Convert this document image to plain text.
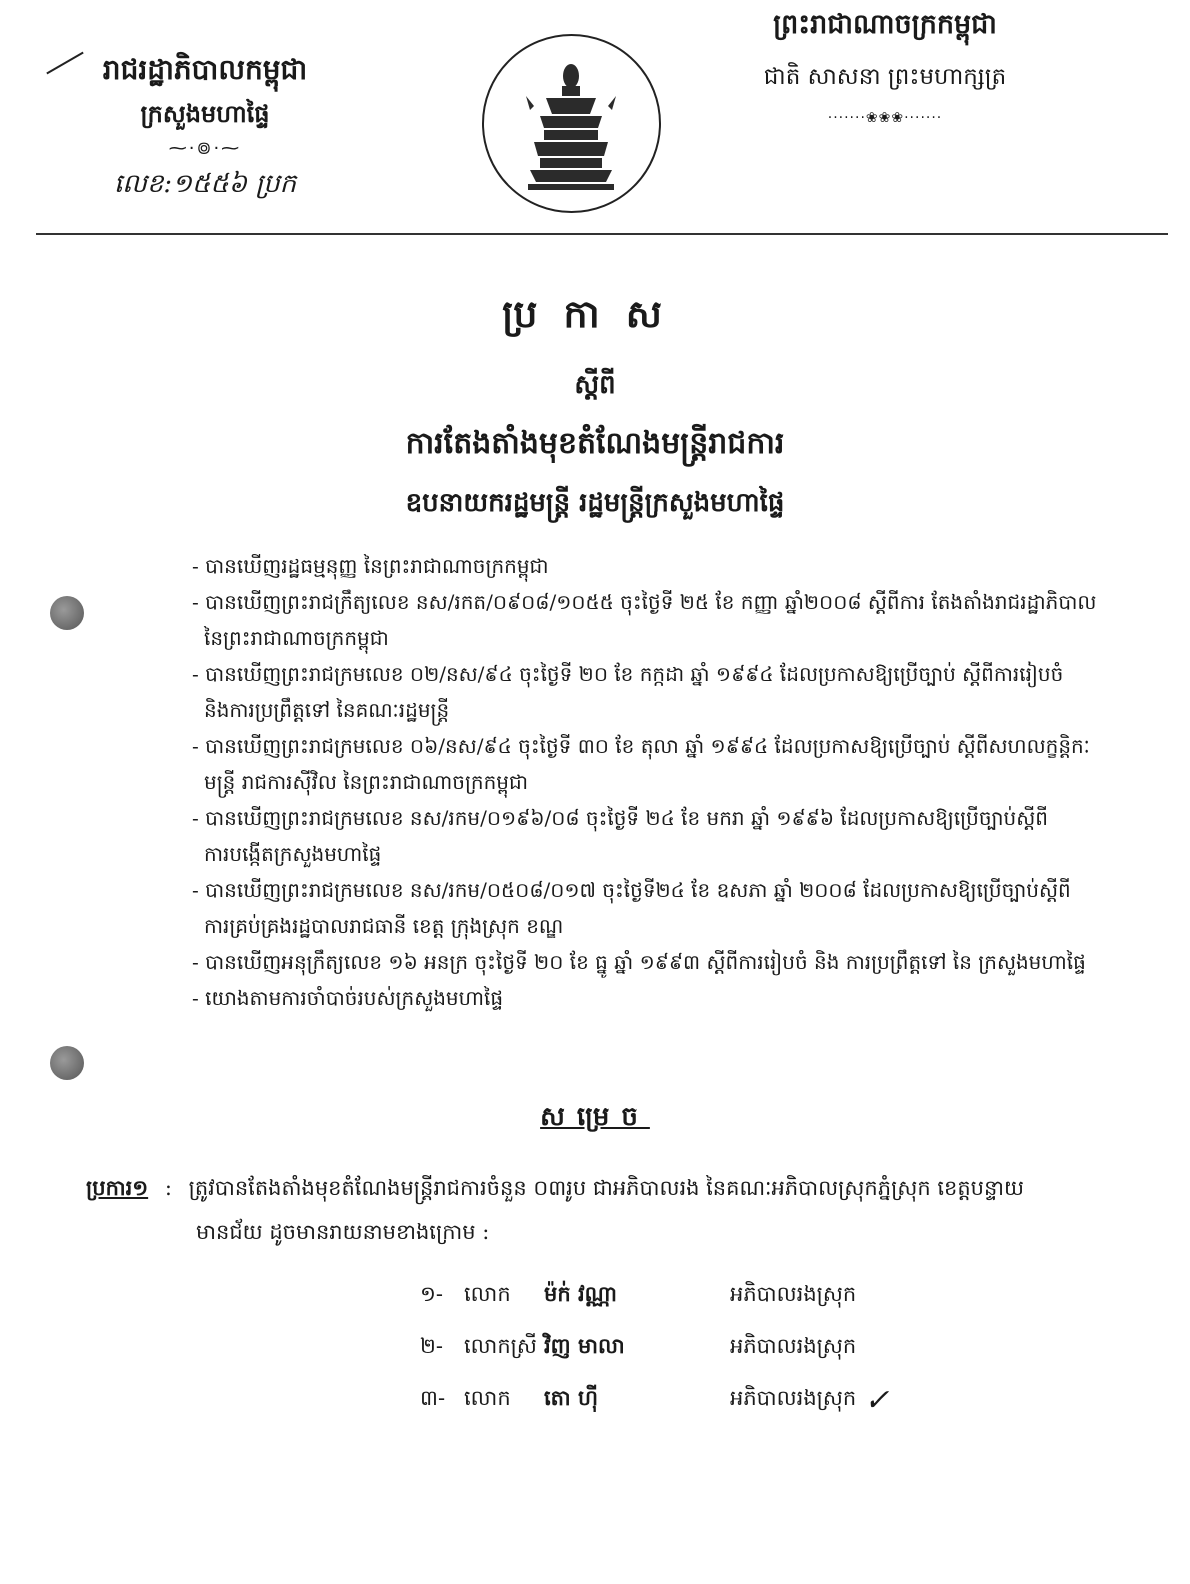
រាជរដ្ឋាភិបាលកម្ពុជា
ក្រសួងមហាផ្ទៃ
⁓·៙·⁓
លេខ:១៥៥៦ ប្រក
ព្រះរាជាណាចក្រកម្ពុជា
ជាតិ សាសនា ព្រះមហាក្សត្រ
·······❀❀❀·······
ប្រកាស
ស្តីពី
ការតែងតាំងមុខតំណែងមន្ត្រីរាជការ
ឧបនាយករដ្ឋមន្ត្រី រដ្ឋមន្ត្រីក្រសួងមហាផ្ទៃ
- បានឃើញរដ្ឋធម្មនុញ្ញ នៃព្រះរាជាណាចក្រកម្ពុជា
- បានឃើញព្រះរាជក្រឹត្យលេខ នស/រកត/០៩០៨/១០៥៥ ចុះថ្ងៃទី ២៥ ខែ កញ្ញា ឆ្នាំ២០០៨ ស្តីពីការ តែងតាំងរាជរដ្ឋាភិបាល
នៃព្រះរាជាណាចក្រកម្ពុជា
- បានឃើញព្រះរាជក្រមលេខ ០២/នស/៩៤ ចុះថ្ងៃទី ២០ ខែ កក្កដា ឆ្នាំ ១៩៩៤ ដែលប្រកាសឱ្យប្រើច្បាប់ ស្តីពីការរៀបចំ
និងការប្រព្រឹត្តទៅ នៃគណៈរដ្ឋមន្ត្រី
- បានឃើញព្រះរាជក្រមលេខ ០៦/នស/៩៤ ចុះថ្ងៃទី ៣០ ខែ តុលា ឆ្នាំ ១៩៩៤ ដែលប្រកាសឱ្យប្រើច្បាប់ ស្តីពីសហលក្ខន្តិកៈ
មន្ត្រី រាជការស៊ីវិល នៃព្រះរាជាណាចក្រកម្ពុជា
- បានឃើញព្រះរាជក្រមលេខ នស/រកម/០១៩៦/០៨ ចុះថ្ងៃទី ២៤ ខែ មករា ឆ្នាំ ១៩៩៦ ដែលប្រកាសឱ្យប្រើច្បាប់ស្តីពី
ការបង្កើតក្រសួងមហាផ្ទៃ
- បានឃើញព្រះរាជក្រមលេខ នស/រកម/០៥០៨/០១៧ ចុះថ្ងៃទី២៤ ខែ ឧសភា ឆ្នាំ ២០០៨ ដែលប្រកាសឱ្យប្រើច្បាប់ស្តីពី
ការគ្រប់គ្រងរដ្ឋបាលរាជធានី ខេត្ត ក្រុងស្រុក ខណ្ឌ
- បានឃើញអនុក្រឹត្យលេខ ១៦ អនក្រ ចុះថ្ងៃទី ២០ ខែ ធ្នូ ឆ្នាំ ១៩៩៣ ស្តីពីការរៀបចំ និង ការប្រព្រឹត្តទៅ នៃ ក្រសួងមហាផ្ទៃ
- យោងតាមការចាំបាច់របស់ក្រសួងមហាផ្ទៃ
សម្រេច
ប្រការ១ : ត្រូវបានតែងតាំងមុខតំណែងមន្ត្រីរាជការចំនួន ០៣រូប ជាអភិបាលរង នៃគណៈអភិបាលស្រុកភ្នំស្រុក ខេត្តបន្ទាយ
មានជ័យ ដូចមានរាយនាមខាងក្រោម :
១-	លោក	ម៉ក់ វណ្ណា	អភិបាលរងស្រុក
២-	លោកស្រី វិញ មាលា	អភិបាលរងស្រុក
៣- លោក	តោ ហ៊ី	អភិបាលរងស្រុក ✓
